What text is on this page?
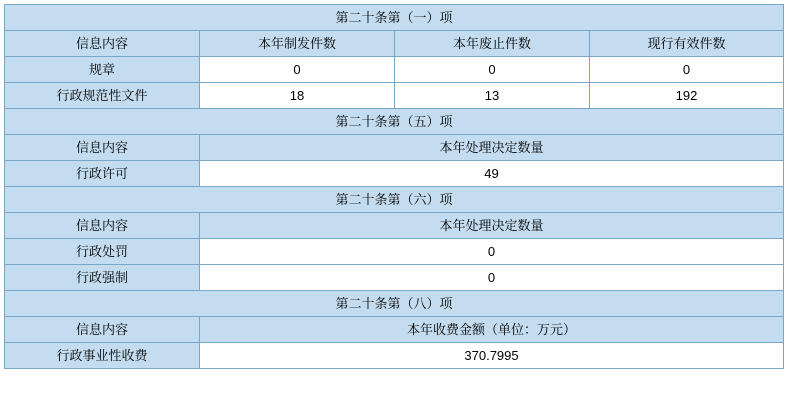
第二十条第（一）项			
信息内容	本年制发件数	本年废止件数	现行有效件数
规章	0	0	0
行政规范性文件	18	13	192
第二十条第（五）项			
信息内容	本年处理决定数量		
行政许可	49		
第二十条第（六）项			
信息内容	本年处理决定数量		
行政处罚	0		
行政强制	0		
第二十条第（八）项			
信息内容	本年收费金额（单位：万元）		
行政事业性收费	370.7995		
